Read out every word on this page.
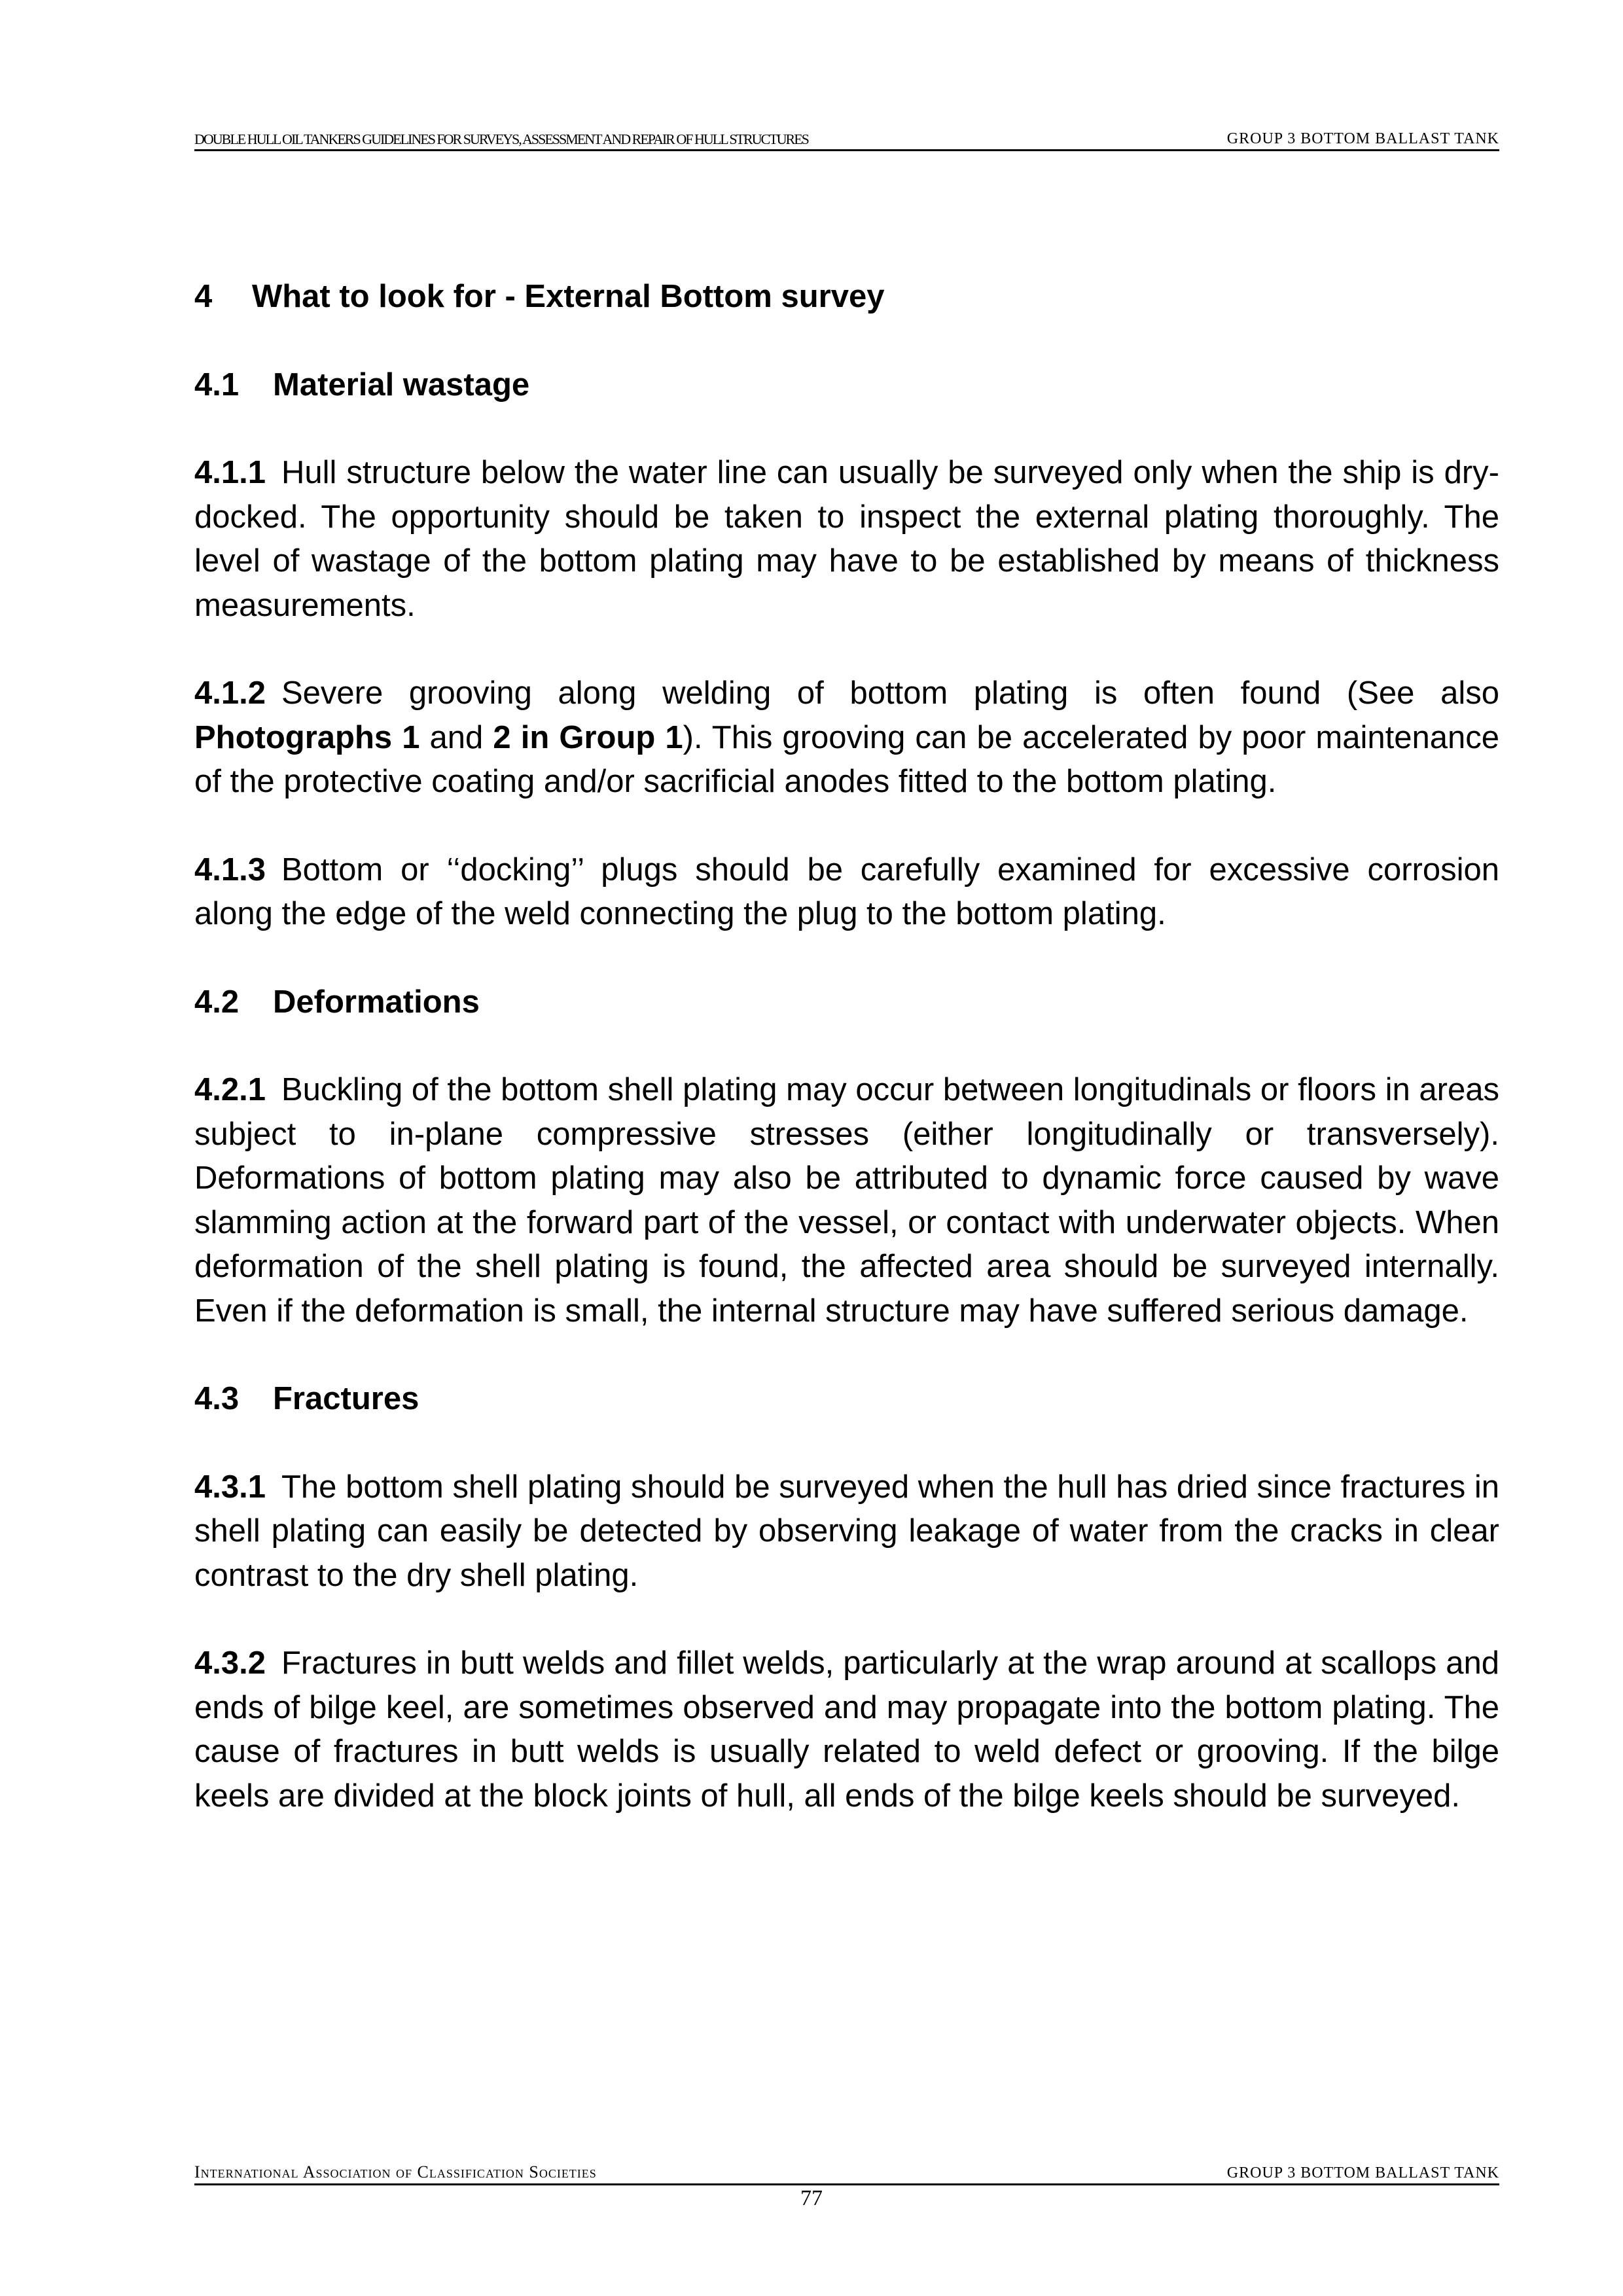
DOUBLE HULL OIL TANKERS GUIDELINES FOR SURVEYS, ASSESSMENT AND REPAIR OF HULL STRUCTURES	GROUP 3 BOTTOM BALLAST TANK
4 What to look for - External Bottom survey
4.1 Material wastage

4.1.1 Hull structure below the water line can usually be surveyed only when the ship is dry-docked. The opportunity should be taken to inspect the external plating thoroughly. The level of wastage of the bottom plating may have to be established by means of thickness measurements.

4.1.2 Severe grooving along welding of bottom plating is often found (See also Photographs 1 and 2 in Group 1). This grooving can be accelerated by poor maintenance of the protective coating and/or sacrificial anodes fitted to the bottom plating.

4.1.3 Bottom or ‘‘docking’’ plugs should be carefully examined for excessive corrosion along the edge of the weld connecting the plug to the bottom plating.

4.2 Deformations

4.2.1 Buckling of the bottom shell plating may occur between longitudinals or floors in areas subject to in-plane compressive stresses (either longitudinally or transversely). Deformations of bottom plating may also be attributed to dynamic force caused by wave slamming action at the forward part of the vessel, or contact with underwater objects. When deformation of the shell plating is found, the affected area should be surveyed internally. Even if the deformation is small, the internal structure may have suffered serious damage.

4.3 Fractures

4.3.1 The bottom shell plating should be surveyed when the hull has dried since fractures in shell plating can easily be detected by observing leakage of water from the cracks in clear contrast to the dry shell plating.

4.3.2 Fractures in butt welds and fillet welds, particularly at the wrap around at scallops and ends of bilge keel, are sometimes observed and may propagate into the bottom plating. The cause of fractures in butt welds is usually related to weld defect or grooving. If the bilge keels are divided at the block joints of hull, all ends of the bilge keels should be surveyed.

International Association of Classification Societies	GROUP 3 BOTTOM BALLAST TANK
77
